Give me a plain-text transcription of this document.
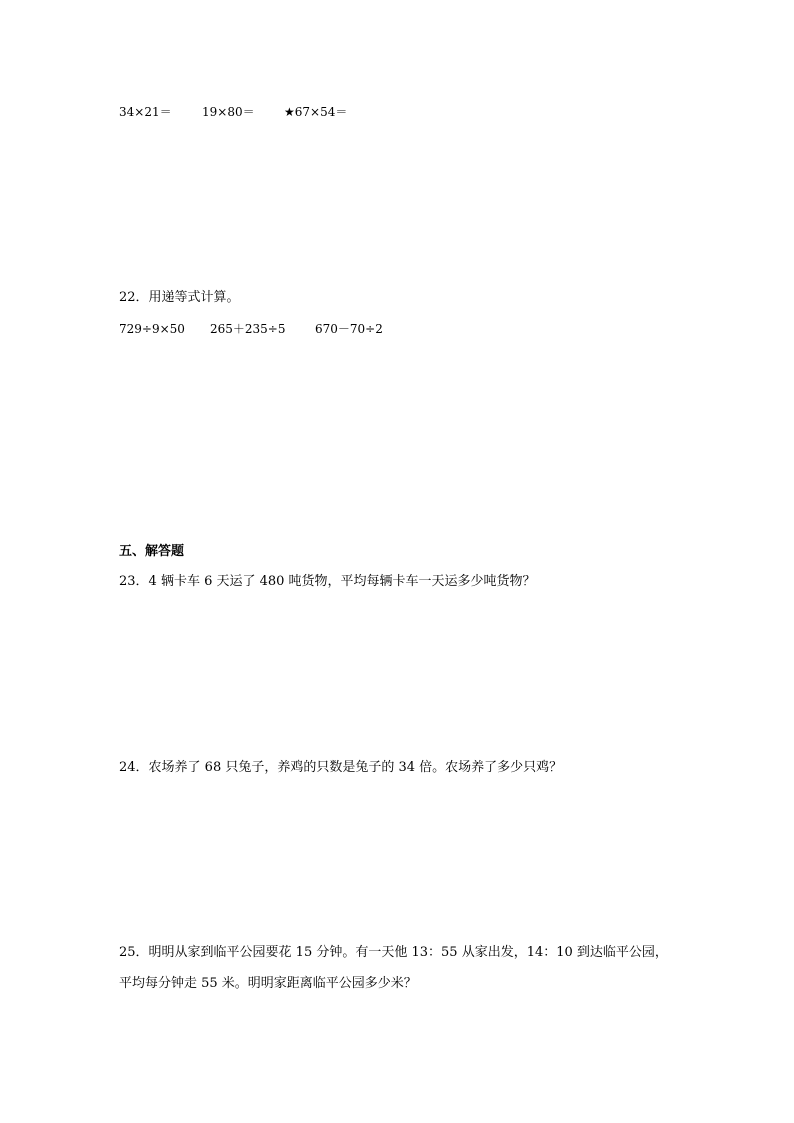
34×21＝	19×80＝ ★67×54＝
22．用递等式计算。
729÷9×50 265＋235÷5 670－70÷2
五、解答题
23．4 辆卡车 6 天运了 480 吨货物，平均每辆卡车一天运多少吨货物？
24．农场养了 68 只兔子，养鸡的只数是兔子的 34 倍。农场养了多少只鸡？
25．明明从家到临平公园要花 15 分钟。有一天他 13：55 从家出发，14：10 到达临平公园，
平均每分钟走 55 米。明明家距离临平公园多少米？
